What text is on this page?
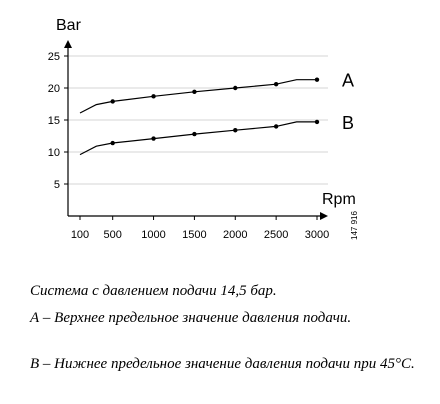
5
10
15
20
25
100 500 1000 1500 2000 2500 3000
A
B
Bar
Rpm
147 916

Система с давлением подачи 14,5 бар.

А – Верхнее предельное значение давления подачи.

B – Нижнее предельное значение давления подачи при 45°C.
